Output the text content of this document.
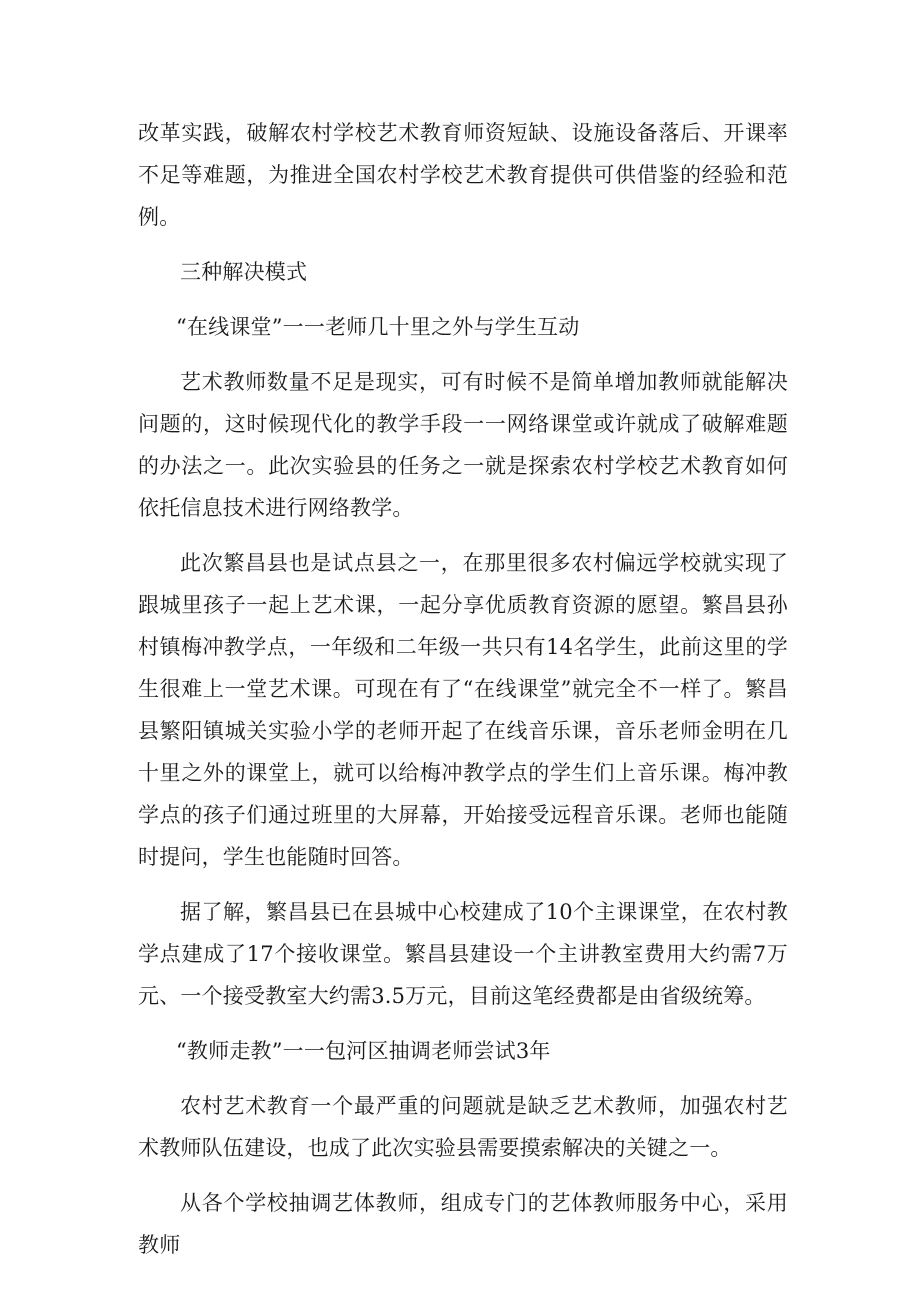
改革实践，破解农村学校艺术教育师资短缺、设施设备落后、开课率不足等难题，为推进全国农村学校艺术教育提供可供借鉴的经验和范例。

三种解决模式

“在线课堂”一一老师几十里之外与学生互动

艺术教师数量不足是现实，可有时候不是简单增加教师就能解决问题的，这时候现代化的教学手段一一网络课堂或许就成了破解难题的办法之一。此次实验县的任务之一就是探索农村学校艺术教育如何依托信息技术进行网络教学。

此次繁昌县也是试点县之一，在那里很多农村偏远学校就实现了跟城里孩子一起上艺术课，一起分享优质教育资源的愿望。繁昌县孙村镇梅冲教学点，一年级和二年级一共只有14名学生，此前这里的学生很难上一堂艺术课。可现在有了“在线课堂”就完全不一样了。繁昌县繁阳镇城关实验小学的老师开起了在线音乐课，音乐老师金明在几十里之外的课堂上，就可以给梅冲教学点的学生们上音乐课。梅冲教学点的孩子们通过班里的大屏幕，开始接受远程音乐课。老师也能随时提问，学生也能随时回答。

据了解，繁昌县已在县城中心校建成了10个主课课堂，在农村教学点建成了17个接收课堂。繁昌县建设一个主讲教室费用大约需7万元、一个接受教室大约需3.5万元，目前这笔经费都是由省级统筹。

“教师走教”一一包河区抽调老师尝试3年

农村艺术教育一个最严重的问题就是缺乏艺术教师，加强农村艺术教师队伍建设，也成了此次实验县需要摸索解决的关键之一。

从各个学校抽调艺体教师，组成专门的艺体教师服务中心，采用教师
